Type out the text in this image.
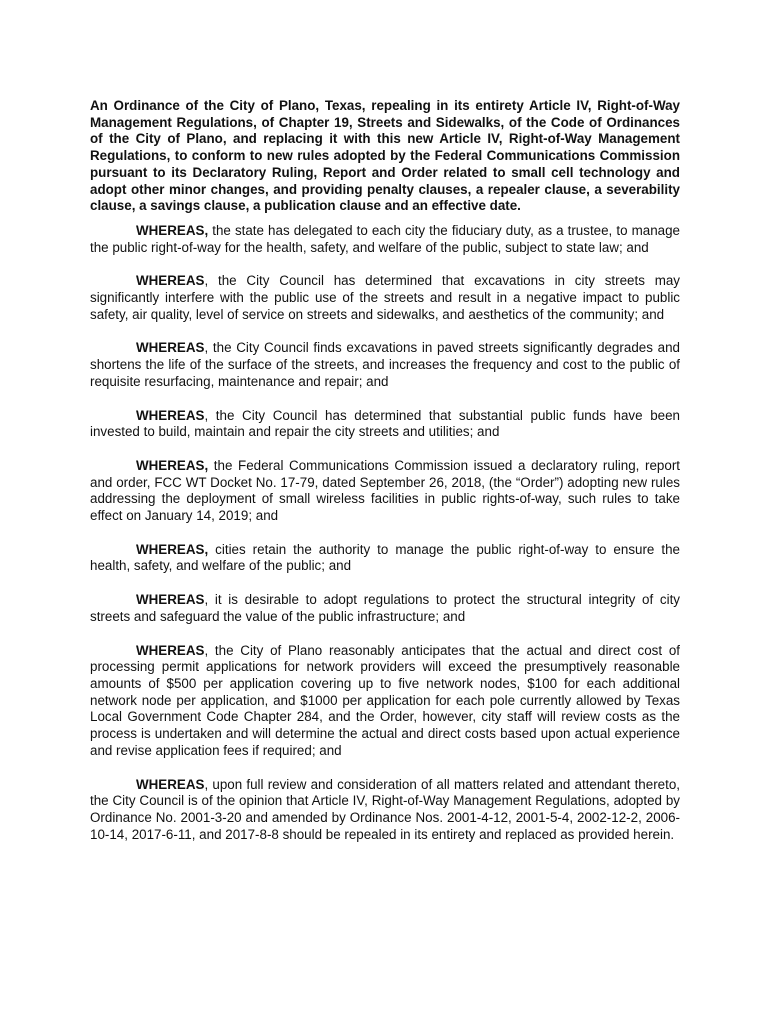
An Ordinance of the City of Plano, Texas, repealing in its entirety Article IV, Right-of-Way Management Regulations, of Chapter 19, Streets and Sidewalks, of the Code of Ordinances of the City of Plano, and replacing it with this new Article IV, Right-of-Way Management Regulations, to conform to new rules adopted by the Federal Communications Commission pursuant to its Declaratory Ruling, Report and Order related to small cell technology and adopt other minor changes, and providing penalty clauses, a repealer clause, a severability clause, a savings clause, a publication clause and an effective date.

WHEREAS, the state has delegated to each city the fiduciary duty, as a trustee, to manage the public right-of-way for the health, safety, and welfare of the public, subject to state law; and

WHEREAS, the City Council has determined that excavations in city streets may significantly interfere with the public use of the streets and result in a negative impact to public safety, air quality, level of service on streets and sidewalks, and aesthetics of the community; and

WHEREAS, the City Council finds excavations in paved streets significantly degrades and shortens the life of the surface of the streets, and increases the frequency and cost to the public of requisite resurfacing, maintenance and repair; and

WHEREAS, the City Council has determined that substantial public funds have been invested to build, maintain and repair the city streets and utilities; and

WHEREAS, the Federal Communications Commission issued a declaratory ruling, report and order, FCC WT Docket No. 17-79, dated September 26, 2018, (the “Order”) adopting new rules addressing the deployment of small wireless facilities in public rights-of-way, such rules to take effect on January 14, 2019; and

WHEREAS, cities retain the authority to manage the public right-of-way to ensure the health, safety, and welfare of the public; and

WHEREAS, it is desirable to adopt regulations to protect the structural integrity of city streets and safeguard the value of the public infrastructure; and

WHEREAS, the City of Plano reasonably anticipates that the actual and direct cost of processing permit applications for network providers will exceed the presumptively reasonable amounts of $500 per application covering up to five network nodes, $100 for each additional network node per application, and $1000 per application for each pole currently allowed by Texas Local Government Code Chapter 284, and the Order, however, city staff will review costs as the process is undertaken and will determine the actual and direct costs based upon actual experience and revise application fees if required; and

WHEREAS, upon full review and consideration of all matters related and attendant thereto, the City Council is of the opinion that Article IV, Right-of-Way Management Regulations, adopted by Ordinance No. 2001-3-20 and amended by Ordinance Nos. 2001-4-12, 2001-5-4, 2002-12-2, 2006-10-14, 2017-6-11, and 2017-8-8 should be repealed in its entirety and replaced as provided herein.
